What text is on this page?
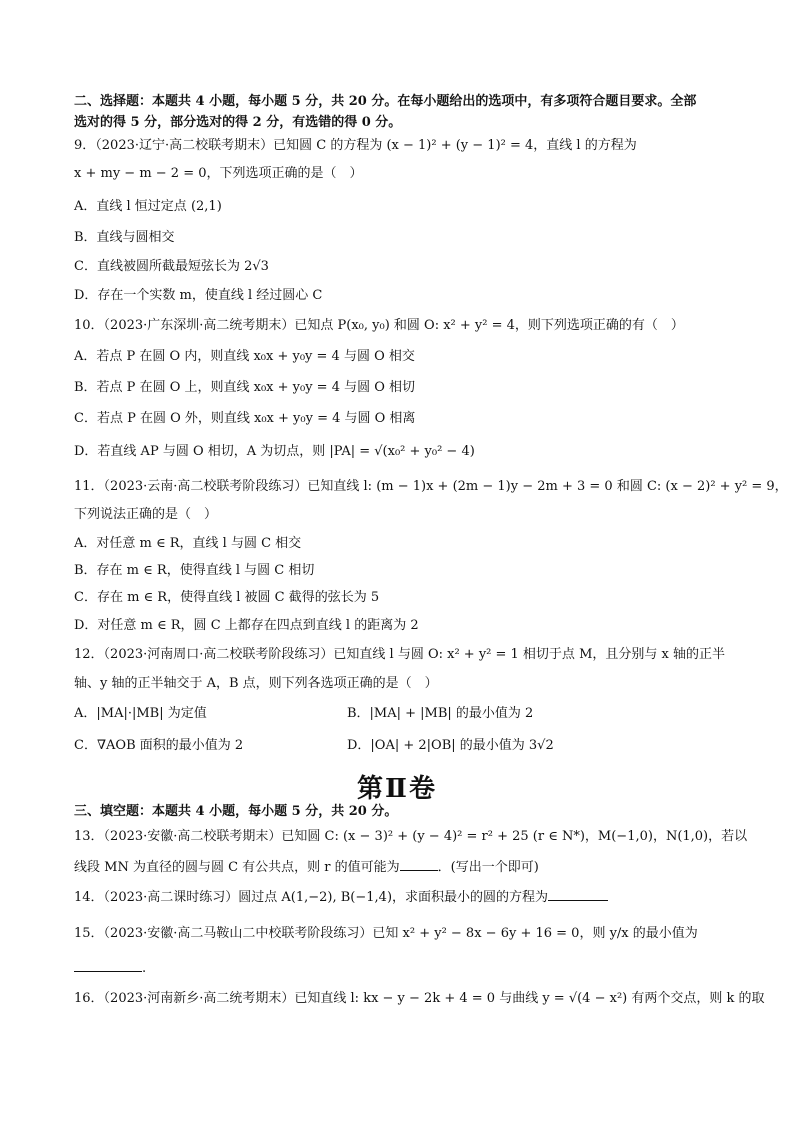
二、选择题：本题共 4 小题，每小题 5 分，共 20 分。在每小题给出的选项中，有多项符合题目要求。全部
选对的得 5 分，部分选对的得 2 分，有选错的得 0 分。
9．（2023·辽宁·高二校联考期末）已知圆 C 的方程为 (x − 1)² + (y − 1)² = 4，直线 l 的方程为
x + my − m − 2 = 0，下列选项正确的是（　）
A．直线 l 恒过定点 (2,1)
B．直线与圆相交
C．直线被圆所截最短弦长为 2√3
D．存在一个实数 m，使直线 l 经过圆心 C
10．（2023·广东深圳·高二统考期末）已知点 P(x₀, y₀) 和圆 O: x² + y² = 4，则下列选项正确的有（　）
A．若点 P 在圆 O 内，则直线 x₀x + y₀y = 4 与圆 O 相交
B．若点 P 在圆 O 上，则直线 x₀x + y₀y = 4 与圆 O 相切
C．若点 P 在圆 O 外，则直线 x₀x + y₀y = 4 与圆 O 相离
D．若直线 AP 与圆 O 相切，A 为切点，则 |PA| = √(x₀² + y₀² − 4)
11．（2023·云南·高二校联考阶段练习）已知直线 l: (m − 1)x + (2m − 1)y − 2m + 3 = 0 和圆 C: (x − 2)² + y² = 9，
下列说法正确的是（　）
A．对任意 m ∈ R，直线 l 与圆 C 相交
B．存在 m ∈ R，使得直线 l 与圆 C 相切
C．存在 m ∈ R，使得直线 l 被圆 C 截得的弦长为 5
D．对任意 m ∈ R，圆 C 上都存在四点到直线 l 的距离为 2
12．（2023·河南周口·高二校联考阶段练习）已知直线 l 与圆 O: x² + y² = 1 相切于点 M，且分别与 x 轴的正半
轴、y 轴的正半轴交于 A，B 点，则下列各选项正确的是（　）
A．|MA|·|MB| 为定值	B．|MA| + |MB| 的最小值为 2
C．∇AOB 面积的最小值为 2	D．|OA| + 2|OB| 的最小值为 3√2
第Ⅱ卷
三、填空题：本题共 4 小题，每小题 5 分，共 20 分。
13．（2023·安徽·高二校联考期末）已知圆 C: (x − 3)² + (y − 4)² = r² + 25 (r ∈ N*)，M(−1,0)，N(1,0)，若以
线段 MN 为直径的圆与圆 C 有公共点，则 r 的值可能为	．(写出一个即可)
14．（2023·高二课时练习）圆过点 A(1,−2), B(−1,4)，求面积最小的圆的方程为
15．（2023·安徽·高二马鞍山二中校联考阶段练习）已知 x² + y² − 8x − 6y + 16 = 0，则 y/x 的最小值为
.
16．（2023·河南新乡·高二统考期末）已知直线 l: kx − y − 2k + 4 = 0 与曲线 y = √(4 − x²) 有两个交点，则 k 的取
